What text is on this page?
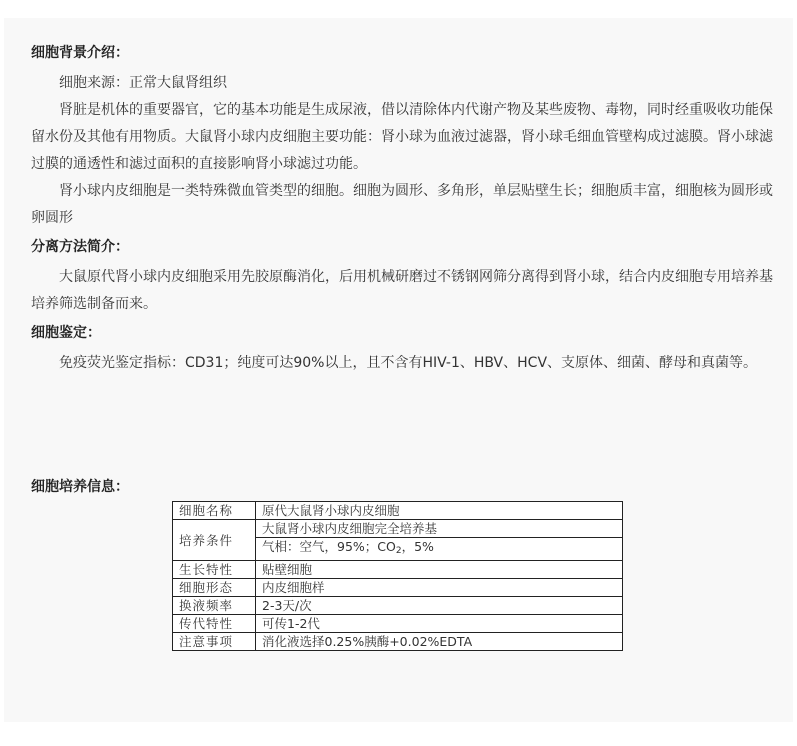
细胞背景介绍：

细胞来源：正常大鼠肾组织

肾脏是机体的重要器官，它的基本功能是生成尿液，借以清除体内代谢产物及某些废物、毒物，同时经重吸收功能保留水份及其他有用物质。大鼠肾小球内皮细胞主要功能：肾小球为血液过滤器，肾小球毛细血管壁构成过滤膜。肾小球滤过膜的通透性和滤过面积的直接影响肾小球滤过功能。

肾小球内皮细胞是一类特殊微血管类型的细胞。细胞为圆形、多角形，单层贴壁生长；细胞质丰富，细胞核为圆形或卵圆形

分离方法简介：

大鼠原代肾小球内皮细胞采用先胶原酶消化，后用机械研磨过不锈钢网筛分离得到肾小球，结合内皮细胞专用培养基培养筛选制备而来。

细胞鉴定：

免疫荧光鉴定指标：CD31；纯度可达90%以上，且不含有HIV-1、HBV、HCV、支原体、细菌、酵母和真菌等。

细胞培养信息：
细胞名称	原代大鼠肾小球内皮细胞
培养条件	大鼠肾小球内皮细胞完全培养基
	气相：空气，95%；$CO_2$，5%
生长特性	贴壁细胞
细胞形态	内皮细胞样
换液频率	2-3天/次
传代特性	可传1-2代
注意事项	消化液选择0.25%胰酶+0.02%EDTA
